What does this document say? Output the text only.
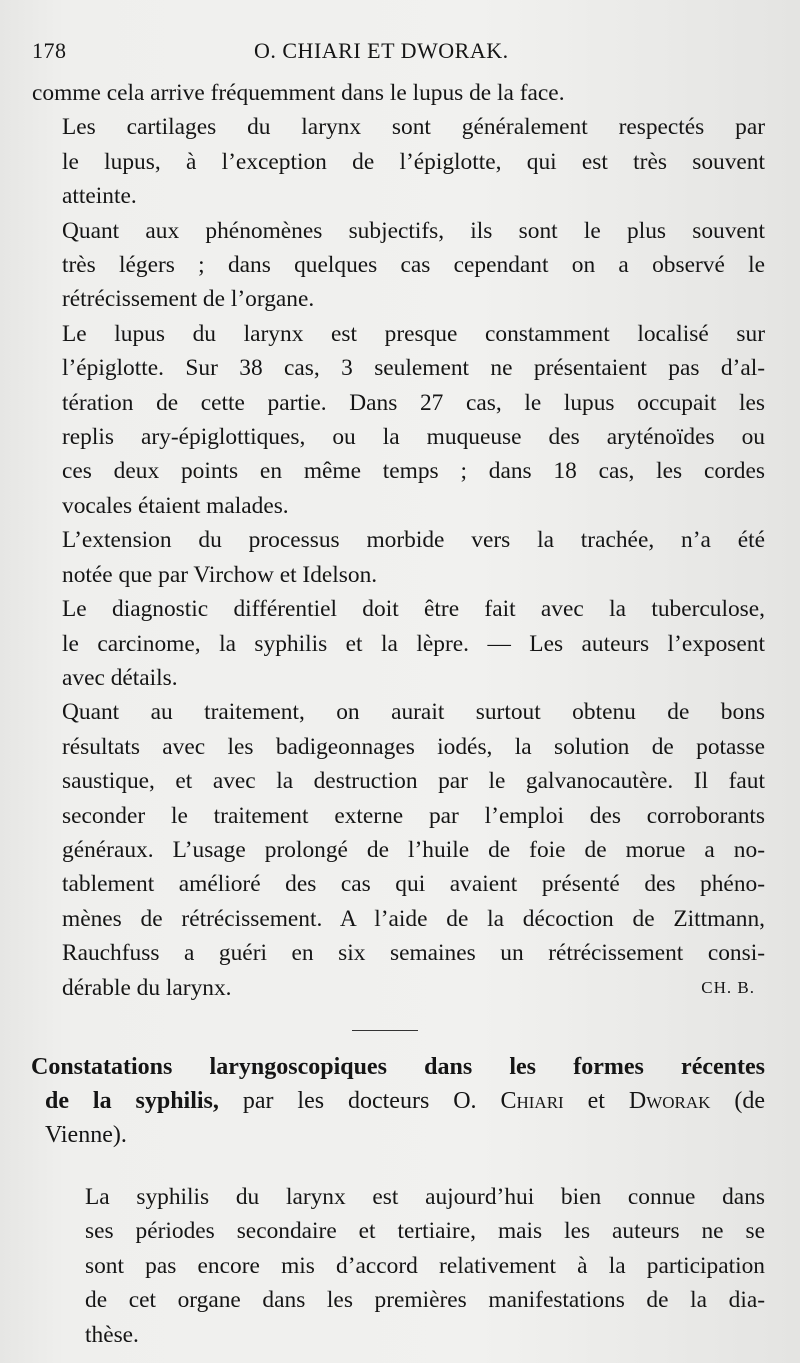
178	O. CHIARI ET DWORAK.

comme cela arrive fréquemment dans le lupus de la face.

Les cartilages du larynx sont généralement respectés par
le lupus, à l’exception de l’épiglotte, qui est très souvent
atteinte.

Quant aux phénomènes subjectifs, ils sont le plus souvent
très légers ; dans quelques cas cependant on a observé le
rétrécissement de l’organe.

Le lupus du larynx est presque constamment localisé sur
l’épiglotte. Sur 38 cas, 3 seulement ne présentaient pas d’al-
tération de cette partie. Dans 27 cas, le lupus occupait les
replis ary-épiglottiques, ou la muqueuse des aryténoïdes ou
ces deux points en même temps ; dans 18 cas, les cordes
vocales étaient malades.

L’extension du processus morbide vers la trachée, n’a été
notée que par Virchow et Idelson.

Le diagnostic différentiel doit être fait avec la tuberculose,
le carcinome, la syphilis et la lèpre. — Les auteurs l’exposent
avec détails.

Quant au traitement, on aurait surtout obtenu de bons
résultats avec les badigeonnages iodés, la solution de potasse
saustique, et avec la destruction par le galvanocautère. Il faut
seconder le traitement externe par l’emploi des corroborants
généraux. L’usage prolongé de l’huile de foie de morue a no-
tablement amélioré des cas qui avaient présenté des phéno-
mènes de rétrécissement. A l’aide de la décoction de Zittmann,
Rauchfuss a guéri en six semaines un rétrécissement consi-
dérable du larynx.	CH. B.

Constatations laryngoscopiques dans les formes récentes
de la syphilis, par les docteurs O. Chiari et Dworak (de
Vienne).

La syphilis du larynx est aujourd’hui bien connue dans
ses périodes secondaire et tertiaire, mais les auteurs ne se
sont pas encore mis d’accord relativement à la participation
de cet organe dans les premières manifestations de la dia-
thèse.
